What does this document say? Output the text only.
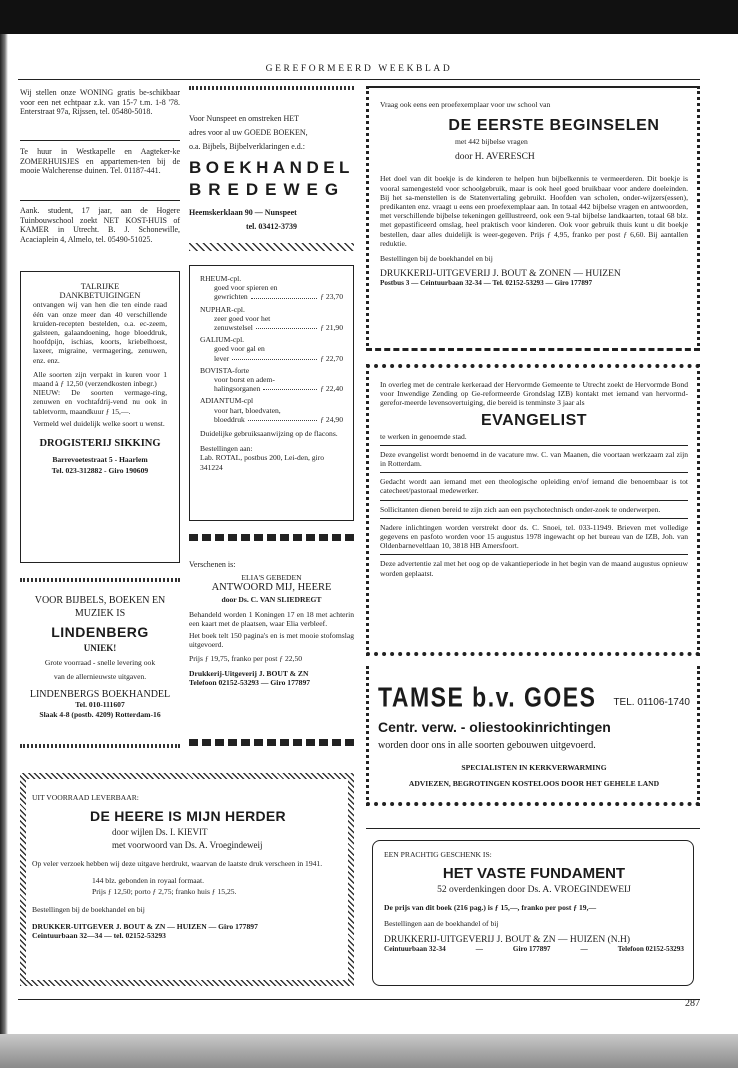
GEREFORMEERD WEEKBLAD
Wij stellen onze WONING gratis be-schikbaar voor een net echtpaar z.k. van 15-7 t.m. 1-8 '78. Enterstraat 97a, Rijssen, tel. 05480-5018.
Te huur in Westkapelle en Aagteker-ke ZOMERHUISJES en appartemen-ten bij de mooie Walcherense duinen. Tel. 01187-441.
Aank. student, 17 jaar, aan de Hogere Tuinbouwschool zoekt NET KOST-HUIS of KAMER in Utrecht. B. J. Schonewille, Acaciaplein 4, Almelo, tel. 05490-51025.
TALRIJKE
DANKBETUIGINGEN
ontvangen wij van hen die ten einde raad één van onze meer dan 40 verschillende kruiden-recepten bestelden, o.a. ec-zeem, galsteen, galaandoening, hoge bloeddruk, hoofdpijn, ischias, koorts, kriebelhoest, laxeer, migraine, vermagering, zenuwen, enz. enz.
Alle soorten zijn verpakt in kuren voor 1 maand à ƒ 12,50 (verzendkosten inbegr.)
NIEUW: De soorten vermage-ring, zenuwen en vochtafdrij-vend nu ook in tabletvorm, maandkuur ƒ 15,—.
Vermeld wel duidelijk welke soort u wenst.
DROGISTERIJ SIKKING
Barrevoetestraat 5 - Haarlem
Tel. 023-312882 - Giro 190609
VOOR BIJBELS, BOEKEN EN
MUZIEK IS
LINDENBERG
UNIEK!
Grote voorraad - snelle levering ook
van de allernieuwste uitgaven.
LINDENBERGS BOEKHANDEL
Tel. 010-111607
Slaak 4-8 (postb. 4209) Rotterdam-16
Voor Nunspeet en omstreken HET
adres voor al uw GOEDE BOEKEN,
o.a. Bijbels, Bijbelverklaringen e.d.:
BOEKHANDEL
BREDEWEG
Heemskerklaan 90 — Nunspeet
tel. 03412-3739
RHEUM-cpl.
goed voor spieren en
gewrichten	ƒ 23,70
NUPHAR-cpl.
zeer goed voor het
zenuwstelsel	ƒ 21,90
GALIUM-cpl.
goed voor gal en
lever	ƒ 22,70
BOVISTA-forte
voor borst en adem-
halingsorganen	ƒ 22,40
ADIANTUM-cpl
voor hart, bloedvaten,
bloeddruk	ƒ 24,90
Duidelijke gebruiksaanwijzing op de flacons.
Bestellingen aan:
Lab. ROTAL, postbus 200, Lei-den, giro 341224
Verschenen is:
ELIA'S GEBEDEN
ANTWOORD MIJ, HEERE
door Ds. C. VAN SLIEDREGT
Behandeld worden 1 Koningen 17 en 18 met achterin een kaart met de plaatsen, waar Elia verbleef.
Het boek telt 150 pagina's en is met mooie stofomslag uitgevoerd.
Prijs ƒ 19,75, franko per post ƒ 22,50
Drukkerij-Uitgeverij J. BOUT & ZN
Telefoon 02152-53293 — Giro 177897
UIT VOORRAAD LEVERBAAR:
DE HEERE IS MIJN HERDER
door wijlen Ds. I. KIEVIT
met voorwoord van Ds. A. Vroegindeweij
Op veler verzoek hebben wij deze uitgave herdrukt, waarvan de laatste druk verscheen in 1941.
144 blz. gebonden in royaal formaat.
Prijs ƒ 12,50; porto ƒ 2,75; franko huis ƒ 15,25.
Bestellingen bij de boekhandel en bij
DRUKKER-UITGEVER J. BOUT & ZN — HUIZEN — Giro 177897
Ceintuurbaan 32—34 — tel. 02152-53293
Vraag ook eens een proefexemplaar voor uw school van
DE EERSTE BEGINSELEN
met 442 bijbelse vragen
door H. AVERESCH
Het doel van dit boekje is de kinderen te helpen hun bijbelkennis te vermeerderen. Dit boekje is vooral samengesteld voor schoolgebruik, maar is ook heel goed bruikbaar voor andere doeleinden. Bij het sa-menstellen is de Statenvertaling gebruikt. Hoofden van scholen, onder-wijzers(essen), predikanten enz. vraagt u eens een proefexemplaar aan. In totaal 442 bijbelse vragen en antwoorden, met verschillende bijbelse tekeningen geïllustreerd, ook een 9-tal bijbelse landkaarten, totaal 68 blz. met gepastificeerd omslag, heel praktisch voor kinderen. Ook voor gebruik thuis kunt u dit boekje bestellen, daar alles duidelijk is weer-gegeven. Prijs ƒ 4,95, franko per post ƒ 6,60. Bij aantallen reduktie.
Bestellingen bij de boekhandel en bij
DRUKKERIJ-UITGEVERIJ J. BOUT & ZONEN — HUIZEN
Postbus 3 — Ceintuurbaan 32-34 — Tel. 02152-53293 — Giro 177897
In overleg met de centrale kerkeraad der Hervormde Gemeente te Utrecht zoekt de Hervormde Bond voor Inwendige Zending op Ge-reformeerde Grondslag IZB) kontakt met iemand van hervormd-gerefor-meerde levensovertuiging, die bereid is tenminste 3 jaar als
EVANGELIST
te werken in genoemde stad.
Deze evangelist wordt benoemd in de vacature mw. C. van Maanen, die voortaan werkzaam zal zijn in Rotterdam.
Gedacht wordt aan iemand met een theologische opleiding en/of iemand die benoembaar is tot catecheet/pastoraal medewerker.
Sollicitanten dienen bereid te zijn zich aan een psychotechnisch onder-zoek te onderwerpen.
Nadere inlichtingen worden verstrekt door ds. C. Snoei, tel. 033-11949. Brieven met volledige gegevens en pasfoto worden voor 15 augustus 1978 ingewacht op het bureau van de IZB, Joh. van Oldenbarneveltlaan 10, 3818 HB Amersfoort.
Deze advertentie zal met het oog op de vakantieperiode in het begin van de maand augustus opnieuw worden geplaatst.
TAMSE b.v. GOES TEL. 01106-1740
Centr. verw. - oliestookinrichtingen
worden door ons in alle soorten gebouwen uitgevoerd.
SPECIALISTEN IN KERKVERWARMING
ADVIEZEN, BEGROTINGEN KOSTELOOS DOOR HET GEHELE LAND
EEN PRACHTIG GESCHENK IS:
HET VASTE FUNDAMENT
52 overdenkingen door Ds. A. VROEGINDEWEIJ
De prijs van dit boek (216 pag.) is ƒ 15,—, franko per post ƒ 19,—
Bestellingen aan de boekhandel of bij
DRUKKERIJ-UITGEVERIJ J. BOUT & ZN — HUIZEN (N.H)
Ceintuurbaan 32-34	—	Giro 177897	—	Telefoon 02152-53293
287
